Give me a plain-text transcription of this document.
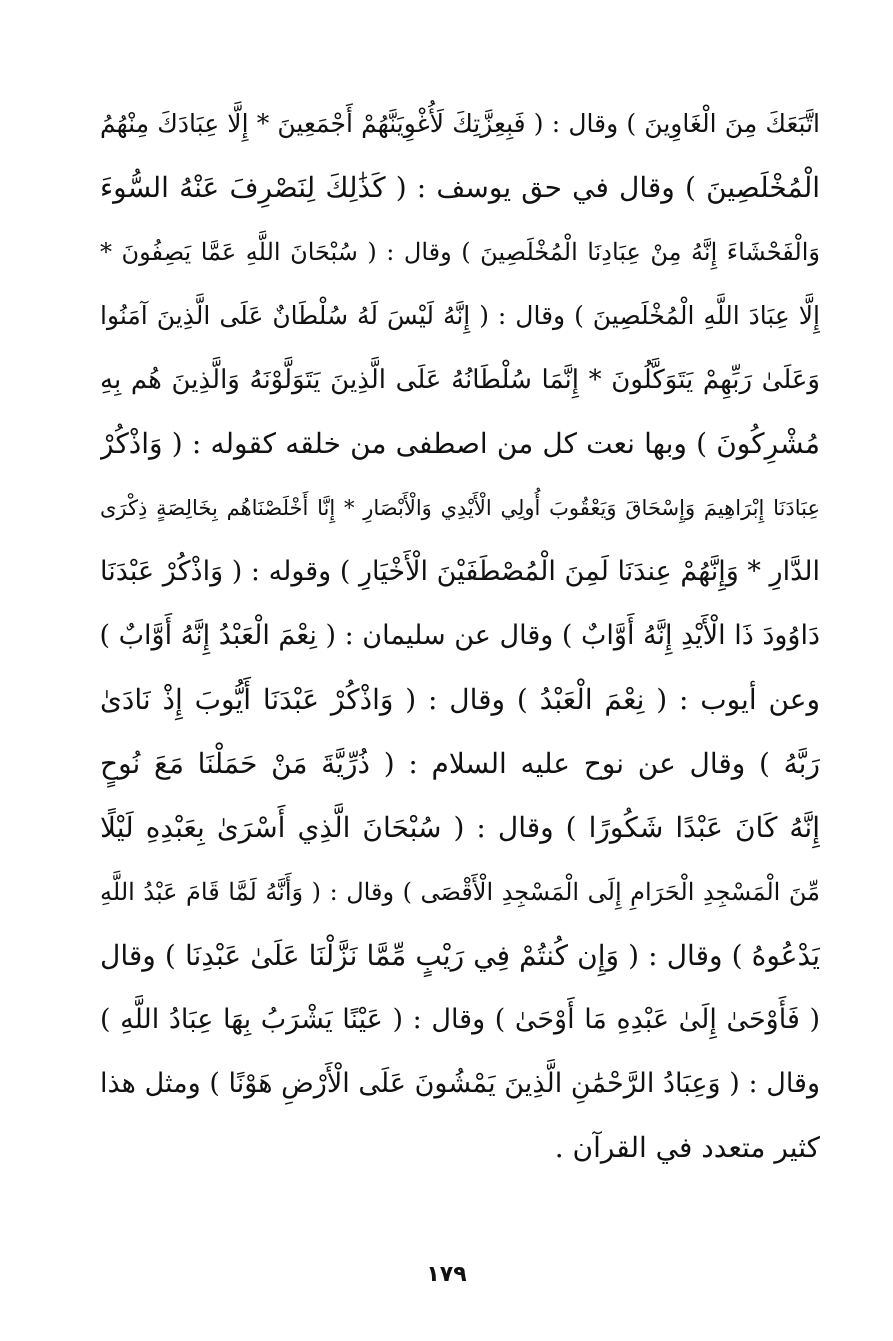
اتَّبَعَكَ مِنَ الْغَاوِينَ ) وقال : ( فَبِعِزَّتِكَ لَأُغْوِيَنَّهُمْ أَجْمَعِينَ * إِلَّا عِبَادَكَ مِنْهُمُ
الْمُخْلَصِينَ ) وقال في حق يوسف : ( كَذَٰلِكَ لِنَصْرِفَ عَنْهُ السُّوءَ
وَالْفَحْشَاءَ إِنَّهُ مِنْ عِبَادِنَا الْمُخْلَصِينَ ) وقال : ( سُبْحَانَ اللَّهِ عَمَّا يَصِفُونَ *
إِلَّا عِبَادَ اللَّهِ الْمُخْلَصِينَ ) وقال : ( إِنَّهُ لَيْسَ لَهُ سُلْطَانٌ عَلَى الَّذِينَ آمَنُوا
وَعَلَىٰ رَبِّهِمْ يَتَوَكَّلُونَ * إِنَّمَا سُلْطَانُهُ عَلَى الَّذِينَ يَتَوَلَّوْنَهُ وَالَّذِينَ هُم بِهِ
مُشْرِكُونَ ) وبها نعت كل من اصطفى من خلقه كقوله : ( وَاذْكُرْ
عِبَادَنَا إِبْرَاهِيمَ وَإِسْحَاقَ وَيَعْقُوبَ أُولِي الْأَيْدِي وَالْأَبْصَارِ * إِنَّا أَخْلَصْنَاهُم بِخَالِصَةٍ ذِكْرَى
الدَّارِ * وَإِنَّهُمْ عِندَنَا لَمِنَ الْمُصْطَفَيْنَ الْأَخْيَارِ ) وقوله : ( وَاذْكُرْ عَبْدَنَا
دَاوُودَ ذَا الْأَيْدِ إِنَّهُ أَوَّابٌ ) وقال عن سليمان : ( نِعْمَ الْعَبْدُ إِنَّهُ أَوَّابٌ )
وعن أيوب : ( نِعْمَ الْعَبْدُ ) وقال : ( وَاذْكُرْ عَبْدَنَا أَيُّوبَ إِذْ نَادَىٰ
رَبَّهُ ) وقال عن نوح عليه السلام : ( ذُرِّيَّةَ مَنْ حَمَلْنَا مَعَ نُوحٍ
إِنَّهُ كَانَ عَبْدًا شَكُورًا ) وقال : ( سُبْحَانَ الَّذِي أَسْرَىٰ بِعَبْدِهِ لَيْلًا
مِّنَ الْمَسْجِدِ الْحَرَامِ إِلَى الْمَسْجِدِ الْأَقْصَى ) وقال : ( وَأَنَّهُ لَمَّا قَامَ عَبْدُ اللَّهِ
يَدْعُوهُ ) وقال : ( وَإِن كُنتُمْ فِي رَيْبٍ مِّمَّا نَزَّلْنَا عَلَىٰ عَبْدِنَا ) وقال
( فَأَوْحَىٰ إِلَىٰ عَبْدِهِ مَا أَوْحَىٰ ) وقال : ( عَيْنًا يَشْرَبُ بِهَا عِبَادُ اللَّهِ )
وقال : ( وَعِبَادُ الرَّحْمَٰنِ الَّذِينَ يَمْشُونَ عَلَى الْأَرْضِ هَوْنًا ) ومثل هذا
كثير متعدد في القرآن .
١٧٩
